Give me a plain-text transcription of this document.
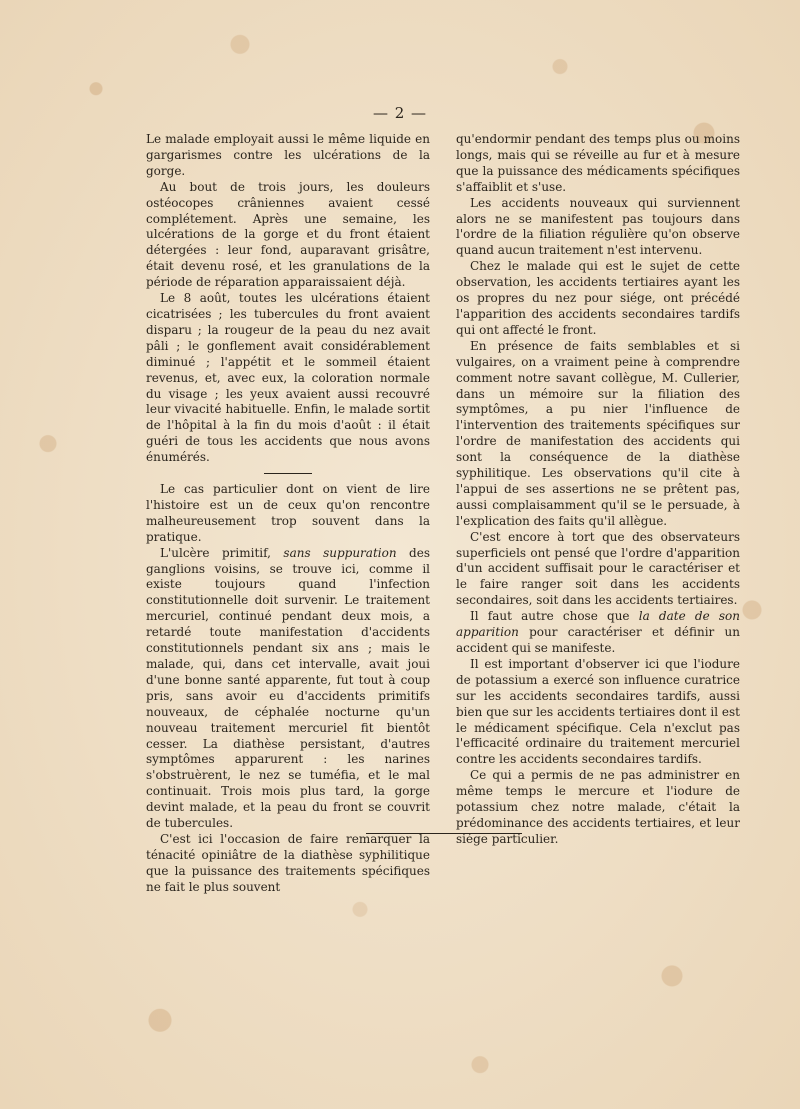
— 2 —

Le malade employait aussi le même liquide en gargarismes contre les ulcérations de la gorge.

Au bout de trois jours, les douleurs ostéocopes crâniennes avaient cessé complétement. Après une semaine, les ulcérations de la gorge et du front étaient détergées : leur fond, auparavant grisâtre, était devenu rosé, et les granulations de la période de réparation apparaissaient déjà.

Le 8 août, toutes les ulcérations étaient cicatrisées ; les tubercules du front avaient disparu ; la rougeur de la peau du nez avait pâli ; le gonflement avait considérablement diminué ; l'appétit et le sommeil étaient revenus, et, avec eux, la coloration normale du visage ; les yeux avaient aussi recouvré leur vivacité habituelle. Enfin, le malade sortit de l'hôpital à la fin du mois d'août : il était guéri de tous les accidents que nous avons énumérés.

Le cas particulier dont on vient de lire l'histoire est un de ceux qu'on rencontre malheureusement trop souvent dans la pratique.

L'ulcère primitif, sans suppuration des ganglions voisins, se trouve ici, comme il existe toujours quand l'infection constitutionnelle doit survenir. Le traitement mercuriel, continué pendant deux mois, a retardé toute manifestation d'accidents constitutionnels pendant six ans ; mais le malade, qui, dans cet intervalle, avait joui d'une bonne santé apparente, fut tout à coup pris, sans avoir eu d'accidents primitifs nouveaux, de céphalée nocturne qu'un nouveau traitement mercuriel fit bientôt cesser. La diathèse persistant, d'autres symptômes apparurent : les narines s'obstruèrent, le nez se tuméfia, et le mal continuait. Trois mois plus tard, la gorge devint malade, et la peau du front se couvrit de tubercules.

C'est ici l'occasion de faire remarquer la ténacité opiniâtre de la diathèse syphilitique que la puissance des traitements spécifiques ne fait le plus souvent

qu'endormir pendant des temps plus ou moins longs, mais qui se réveille au fur et à mesure que la puissance des médicaments spécifiques s'affaiblit et s'use.

Les accidents nouveaux qui surviennent alors ne se manifestent pas toujours dans l'ordre de la filiation régulière qu'on observe quand aucun traitement n'est intervenu.

Chez le malade qui est le sujet de cette observation, les accidents tertiaires ayant les os propres du nez pour siége, ont précédé l'apparition des accidents secondaires tardifs qui ont affecté le front.

En présence de faits semblables et si vulgaires, on a vraiment peine à comprendre comment notre savant collègue, M. Cullerier, dans un mémoire sur la filiation des symptômes, a pu nier l'influence de l'intervention des traitements spécifiques sur l'ordre de manifestation des accidents qui sont la conséquence de la diathèse syphilitique. Les observations qu'il cite à l'appui de ses assertions ne se prêtent pas, aussi complaisamment qu'il se le persuade, à l'explication des faits qu'il allègue.

C'est encore à tort que des observateurs superficiels ont pensé que l'ordre d'apparition d'un accident suffisait pour le caractériser et le faire ranger soit dans les accidents secondaires, soit dans les accidents tertiaires.

Il faut autre chose que la date de son apparition pour caractériser et définir un accident qui se manifeste.

Il est important d'observer ici que l'iodure de potassium a exercé son influence curatrice sur les accidents secondaires tardifs, aussi bien que sur les accidents tertiaires dont il est le médicament spécifique. Cela n'exclut pas l'efficacité ordinaire du traitement mercuriel contre les accidents secondaires tardifs.

Ce qui a permis de ne pas administrer en même temps le mercure et l'iodure de potassium chez notre malade, c'était la prédominance des accidents tertiaires, et leur siége particulier.
